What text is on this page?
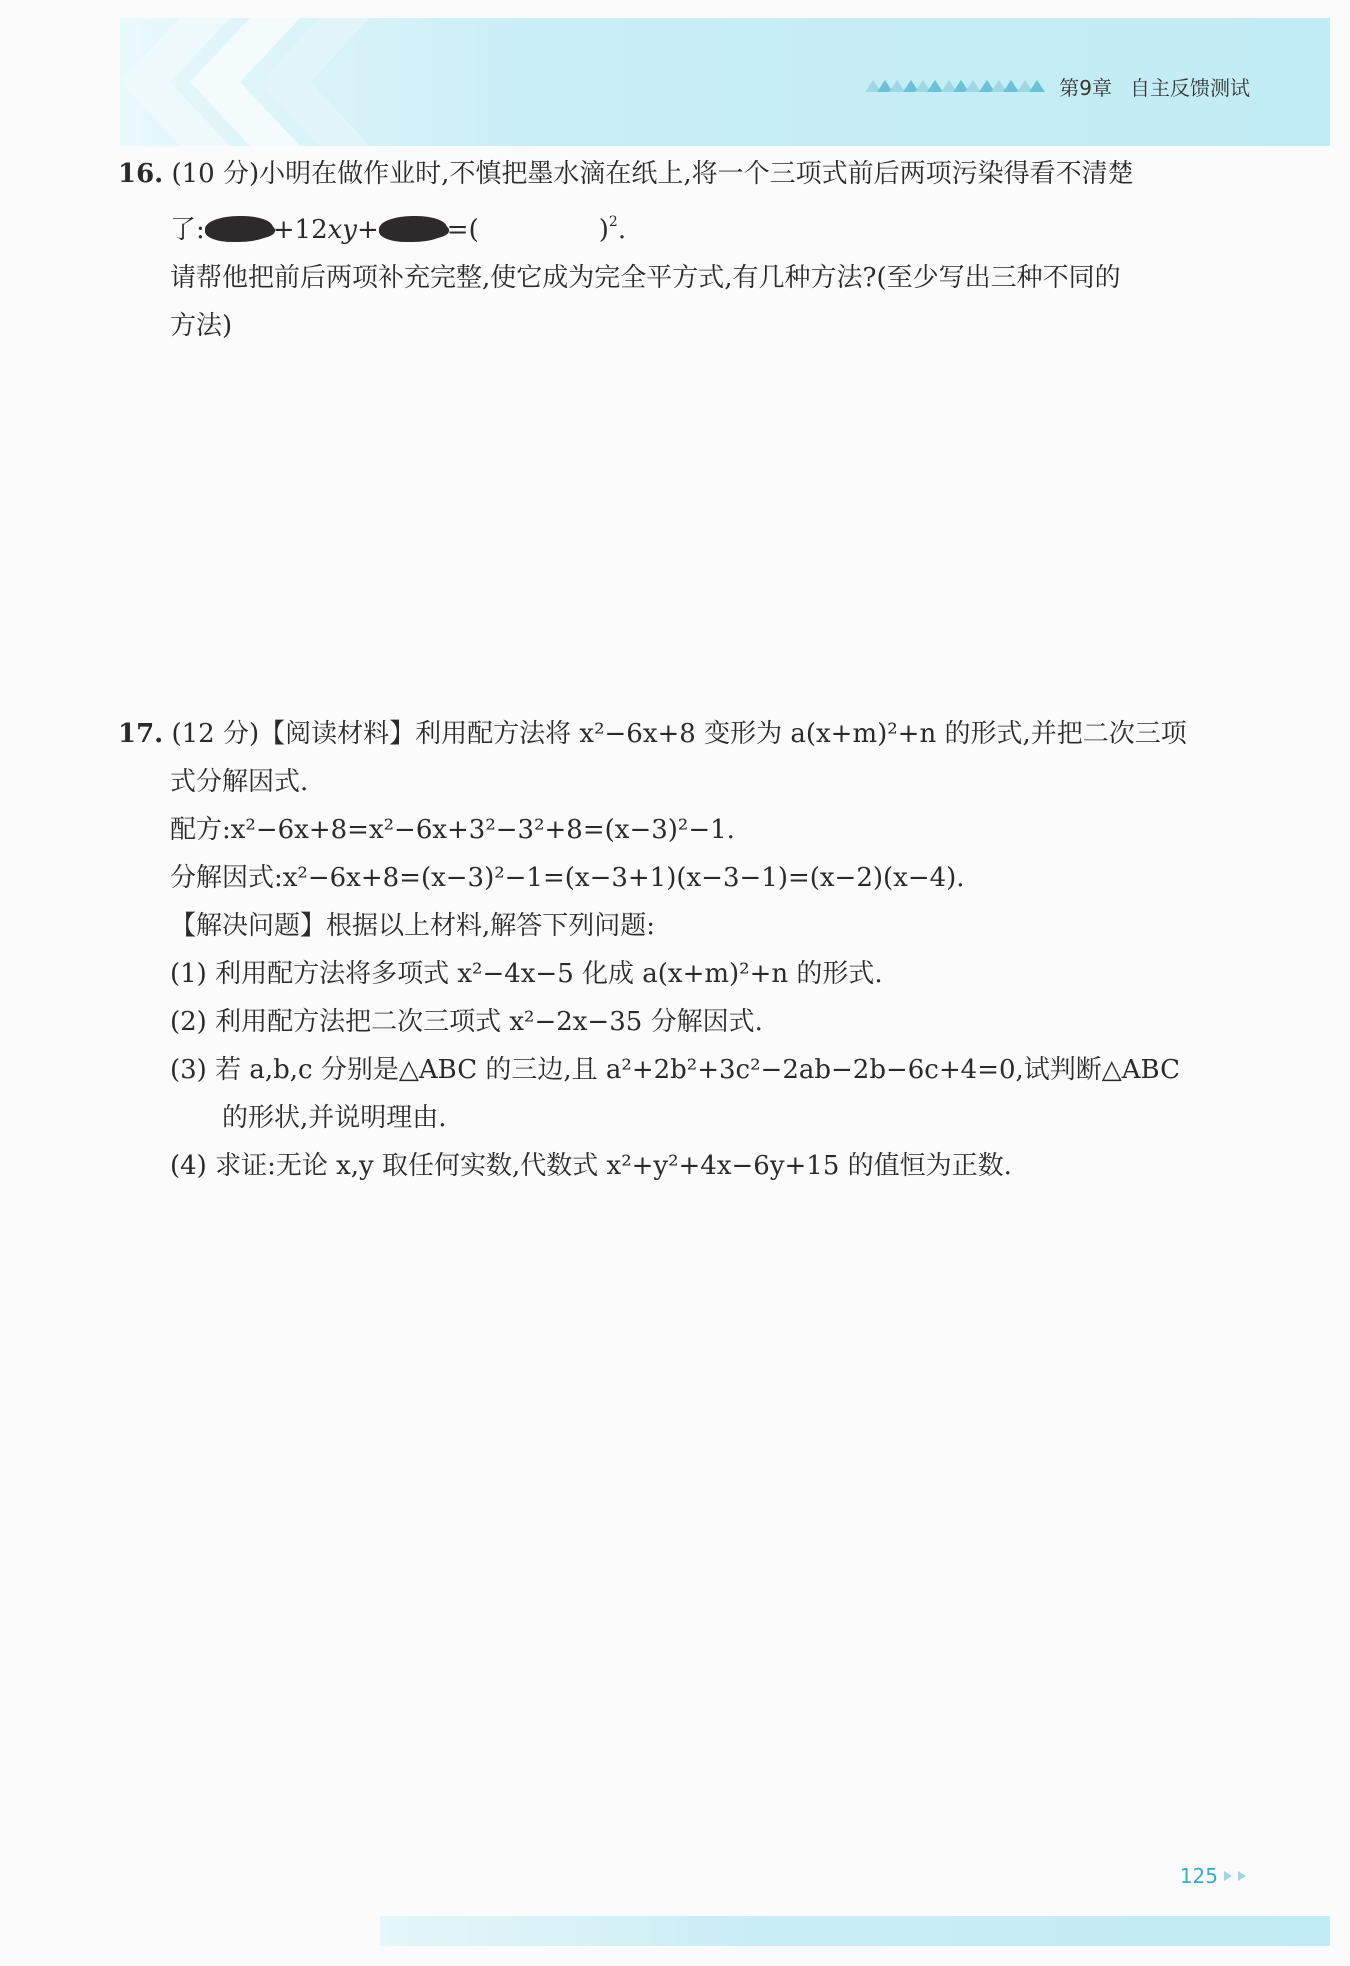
第9章 自主反馈测试
16. (10 分)小明在做作业时,不慎把墨水滴在纸上,将一个三项式前后两项污染得看不清楚
了:	+12xy+	=(	)$^2$.
请帮他把前后两项补充完整,使它成为完全平方式,有几种方法?(至少写出三种不同的
方法)
17. (12 分)【阅读材料】利用配方法将 x²−6x+8 变形为 a(x+m)²+n 的形式,并把二次三项
式分解因式.
配方:x²−6x+8=x²−6x+3²−3²+8=(x−3)²−1.
分解因式:x²−6x+8=(x−3)²−1=(x−3+1)(x−3−1)=(x−2)(x−4).
【解决问题】根据以上材料,解答下列问题:
(1) 利用配方法将多项式 x²−4x−5 化成 a(x+m)²+n 的形式.
(2) 利用配方法把二次三项式 x²−2x−35 分解因式.
(3) 若 a,b,c 分别是△ABC 的三边,且 a²+2b²+3c²−2ab−2b−6c+4=0,试判断△ABC
的形状,并说明理由.
(4) 求证:无论 x,y 取任何实数,代数式 x²+y²+4x−6y+15 的值恒为正数.
125
